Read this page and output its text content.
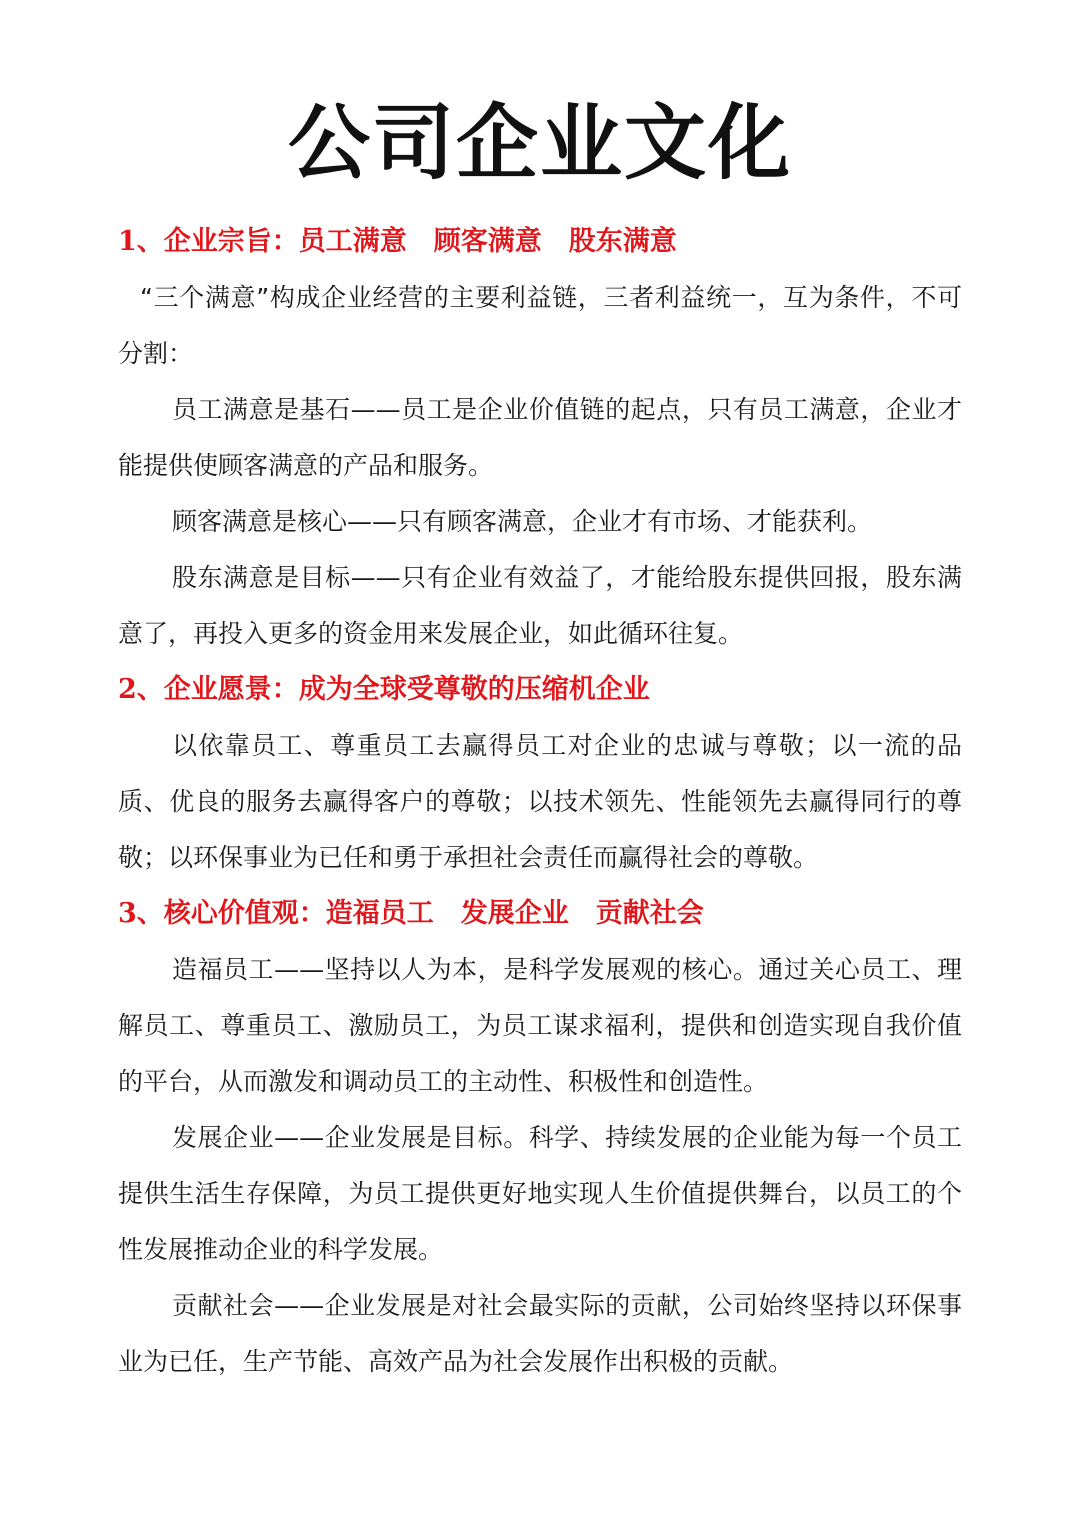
公司企业文化
1、企业宗旨：员工满意　顾客满意　股东满意

“三个满意”构成企业经营的主要利益链，三者利益统一，互为条件，不可分割：

员工满意是基石——员工是企业价值链的起点，只有员工满意，企业才能提供使顾客满意的产品和服务。

顾客满意是核心——只有顾客满意，企业才有市场、才能获利。

股东满意是目标——只有企业有效益了，才能给股东提供回报，股东满意了，再投入更多的资金用来发展企业，如此循环往复。

2、企业愿景：成为全球受尊敬的压缩机企业

以依靠员工、尊重员工去赢得员工对企业的忠诚与尊敬；以一流的品质、优良的服务去赢得客户的尊敬；以技术领先、性能领先去赢得同行的尊敬；以环保事业为已任和勇于承担社会责任而赢得社会的尊敬。

3、核心价值观：造福员工　发展企业　贡献社会

造福员工——坚持以人为本，是科学发展观的核心。通过关心员工、理解员工、尊重员工、激励员工，为员工谋求福利，提供和创造实现自我价值的平台，从而激发和调动员工的主动性、积极性和创造性。

发展企业——企业发展是目标。科学、持续发展的企业能为每一个员工提供生活生存保障，为员工提供更好地实现人生价值提供舞台，以员工的个性发展推动企业的科学发展。

贡献社会——企业发展是对社会最实际的贡献，公司始终坚持以环保事业为已任，生产节能、高效产品为社会发展作出积极的贡献。
